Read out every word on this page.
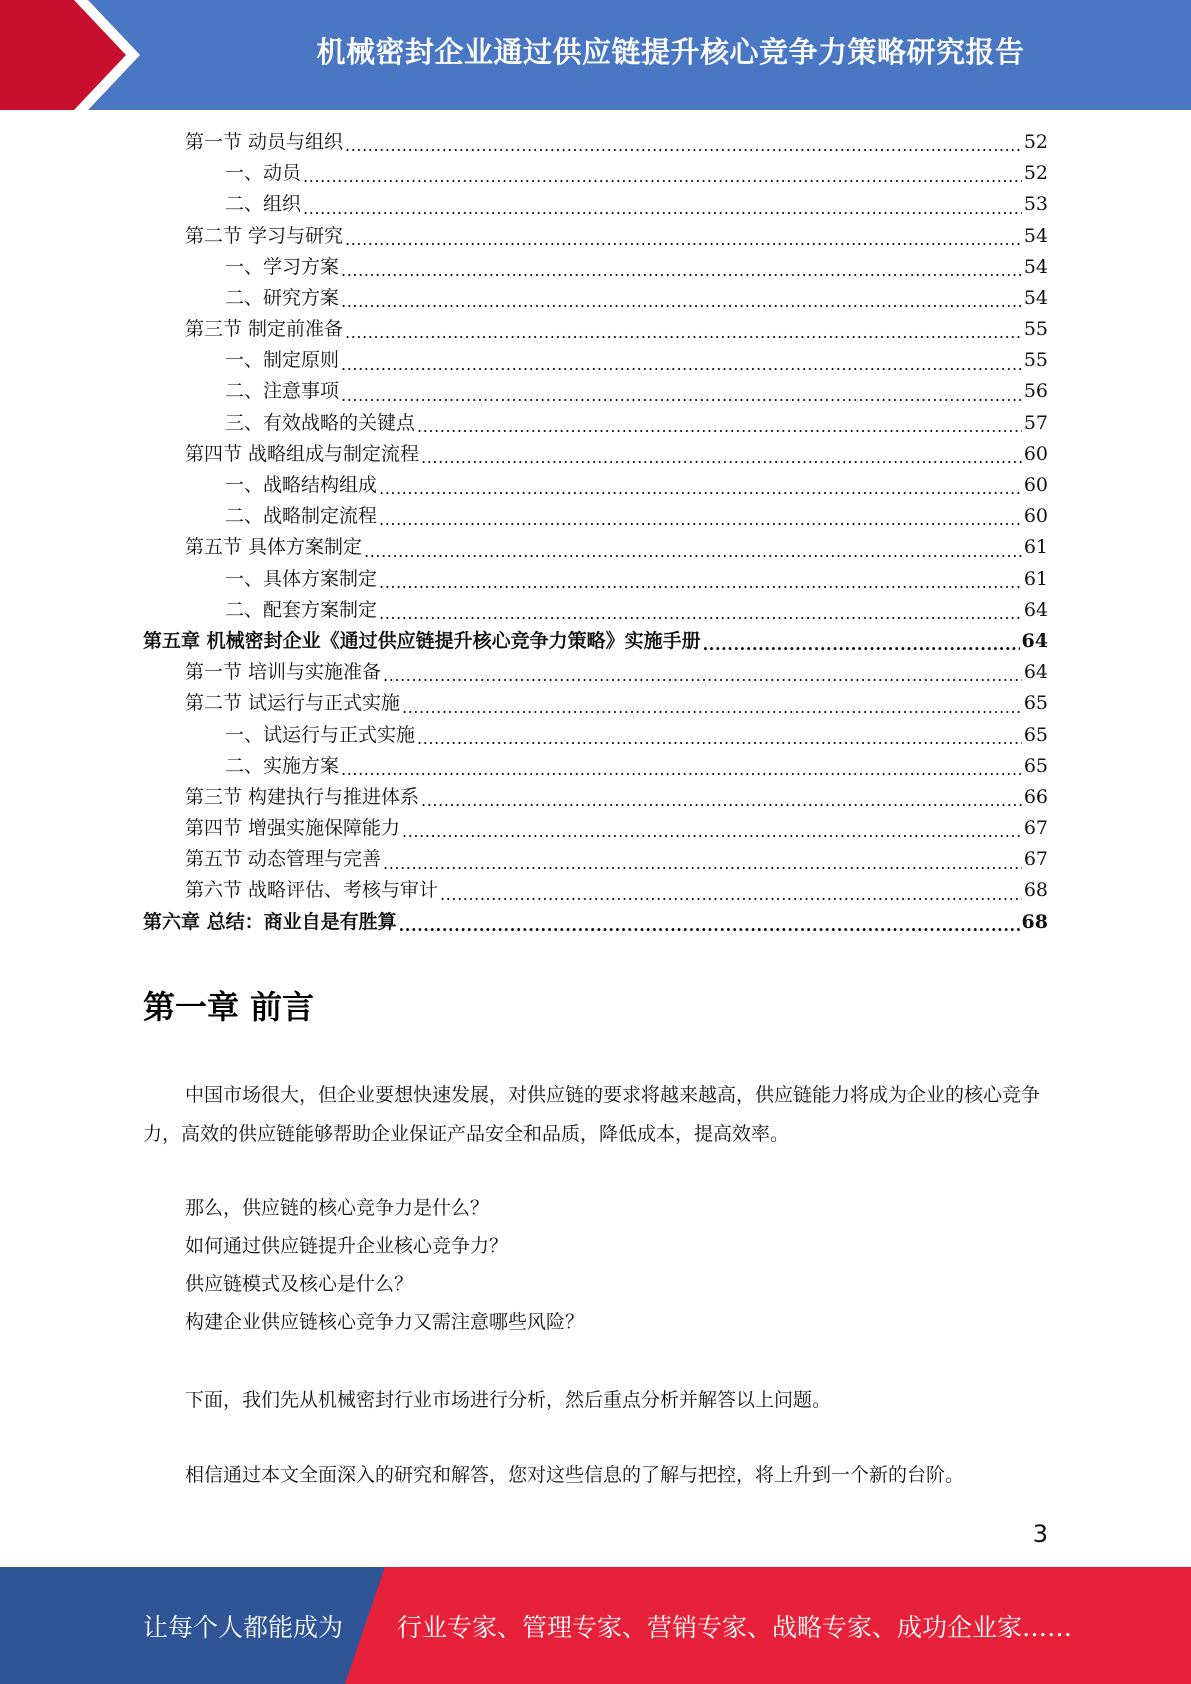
机械密封企业通过供应链提升核心竞争力策略研究报告
第一节 动员与组织 .....	52
一、动员 .....	52
二、组织 .....	53
第二节 学习与研究 .....	54
一、学习方案 .....	54
二、研究方案 .....	54
第三节 制定前准备 .....	55
一、制定原则 .....	55
二、注意事项 .....	56
三、有效战略的关键点 .....	57
第四节 战略组成与制定流程 .....	60
一、战略结构组成 .....	60
二、战略制定流程 .....	60
第五节 具体方案制定 .....	61
一、具体方案制定 .....	61
二、配套方案制定 .....	64
第五章 机械密封企业《通过供应链提升核心竞争力策略》实施手册 .....	64
第一节 培训与实施准备 .....	64
第二节 试运行与正式实施 .....	65
一、试运行与正式实施 .....	65
二、实施方案 .....	65
第三节 构建执行与推进体系 .....	66
第四节 增强实施保障能力 .....	67
第五节 动态管理与完善 .....	67
第六节 战略评估、考核与审计 .....	68
第六章 总结：商业自是有胜算 .....	68
第一章 前言
中国市场很大，但企业要想快速发展，对供应链的要求将越来越高，供应链能力将成为企业的核心竞争力，高效的供应链能够帮助企业保证产品安全和品质，降低成本，提高效率。
那么，供应链的核心竞争力是什么？
如何通过供应链提升企业核心竞争力？
供应链模式及核心是什么？
构建企业供应链核心竞争力又需注意哪些风险？
下面，我们先从机械密封行业市场进行分析，然后重点分析并解答以上问题。
相信通过本文全面深入的研究和解答，您对这些信息的了解与把控，将上升到一个新的台阶。
3
让每个人都能成为 行业专家、管理专家、营销专家、战略专家、成功企业家……
